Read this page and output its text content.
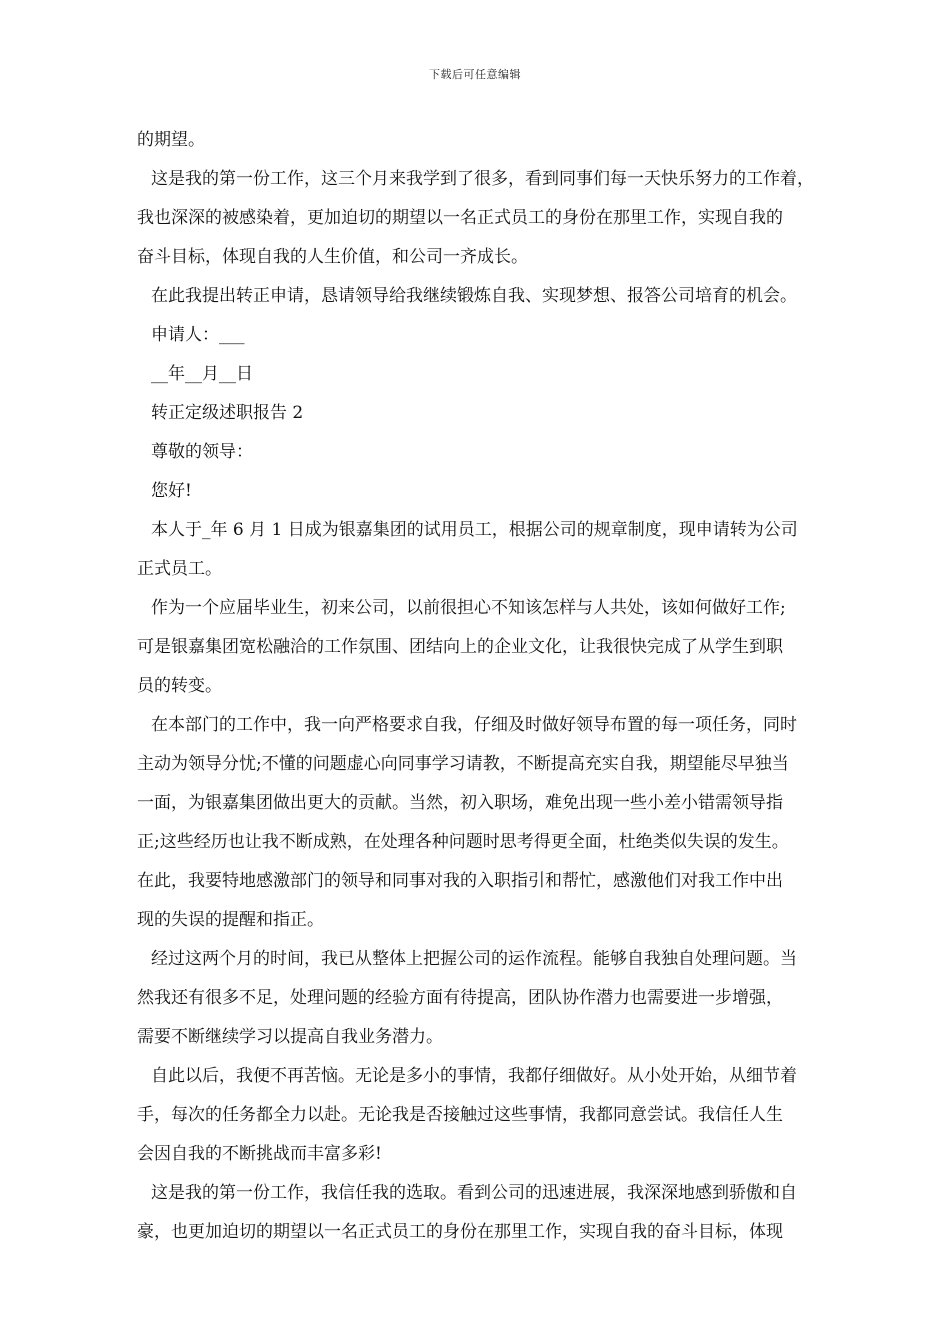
下载后可任意编辑

的期望。

这是我的第一份工作，这三个月来我学到了很多，看到同事们每一天快乐努力的工作着，

我也深深的被感染着，更加迫切的期望以一名正式员工的身份在那里工作，实现自我的

奋斗目标，体现自我的人生价值，和公司一齐成长。

在此我提出转正申请，恳请领导给我继续锻炼自我、实现梦想、报答公司培育的机会。

申请人：___

__年__月__日

转正定级述职报告 2

尊敬的领导：

您好!

本人于_年 6 月 1 日成为银嘉集团的试用员工，根据公司的规章制度，现申请转为公司

正式员工。

作为一个应届毕业生，初来公司，以前很担心不知该怎样与人共处，该如何做好工作;

可是银嘉集团宽松融洽的工作氛围、团结向上的企业文化，让我很快完成了从学生到职

员的转变。

在本部门的工作中，我一向严格要求自我，仔细及时做好领导布置的每一项任务，同时

主动为领导分忧;不懂的问题虚心向同事学习请教，不断提高充实自我，期望能尽早独当

一面，为银嘉集团做出更大的贡献。当然，初入职场，难免出现一些小差小错需领导指

正;这些经历也让我不断成熟，在处理各种问题时思考得更全面，杜绝类似失误的发生。

在此，我要特地感激部门的领导和同事对我的入职指引和帮忙，感激他们对我工作中出

现的失误的提醒和指正。

经过这两个月的时间，我已从整体上把握公司的运作流程。能够自我独自处理问题。当

然我还有很多不足，处理问题的经验方面有待提高，团队协作潜力也需要进一步增强，

需要不断继续学习以提高自我业务潜力。

自此以后，我便不再苦恼。无论是多小的事情，我都仔细做好。从小处开始，从细节着

手，每次的任务都全力以赴。无论我是否接触过这些事情，我都同意尝试。我信任人生

会因自我的不断挑战而丰富多彩!

这是我的第一份工作，我信任我的选取。看到公司的迅速进展，我深深地感到骄傲和自

豪，也更加迫切的期望以一名正式员工的身份在那里工作，实现自我的奋斗目标，体现
